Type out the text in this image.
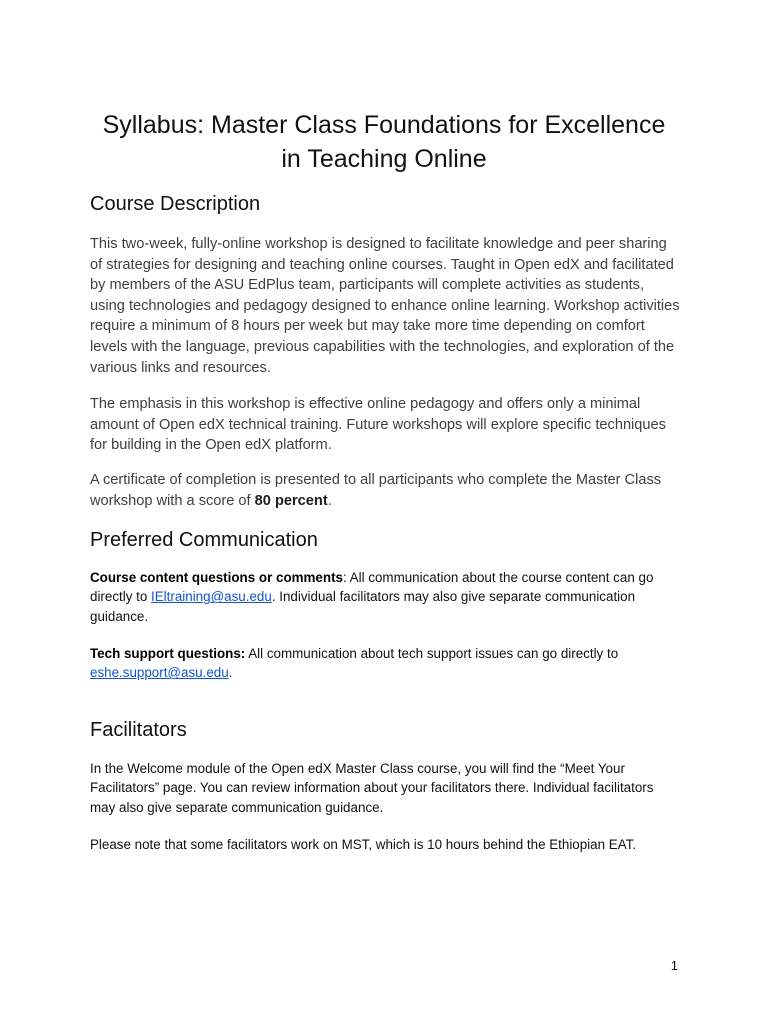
Syllabus: Master Class Foundations for Excellence in Teaching Online
Course Description
This two-week, fully-online workshop is designed to facilitate knowledge and peer sharing of strategies for designing and teaching online courses. Taught in Open edX and facilitated by members of the ASU EdPlus team, participants will complete activities as students, using technologies and pedagogy designed to enhance online learning. Workshop activities require a minimum of 8 hours per week but may take more time depending on comfort levels with the language, previous capabilities with the technologies, and exploration of the various links and resources.
The emphasis in this workshop is effective online pedagogy and offers only a minimal amount of Open edX technical training. Future workshops will explore specific techniques for building in the Open edX platform.
A certificate of completion is presented to all participants who complete the Master Class workshop with a score of 80 percent.
Preferred Communication
Course content questions or comments: All communication about the course content can go directly to IEltraining@asu.edu. Individual facilitators may also give separate communication guidance.
Tech support questions: All communication about tech support issues can go directly to eshe.support@asu.edu.
Facilitators
In the Welcome module of the Open edX Master Class course, you will find the “Meet Your Facilitators” page. You can review information about your facilitators there. Individual facilitators may also give separate communication guidance.
Please note that some facilitators work on MST, which is 10 hours behind the Ethiopian EAT.
1
